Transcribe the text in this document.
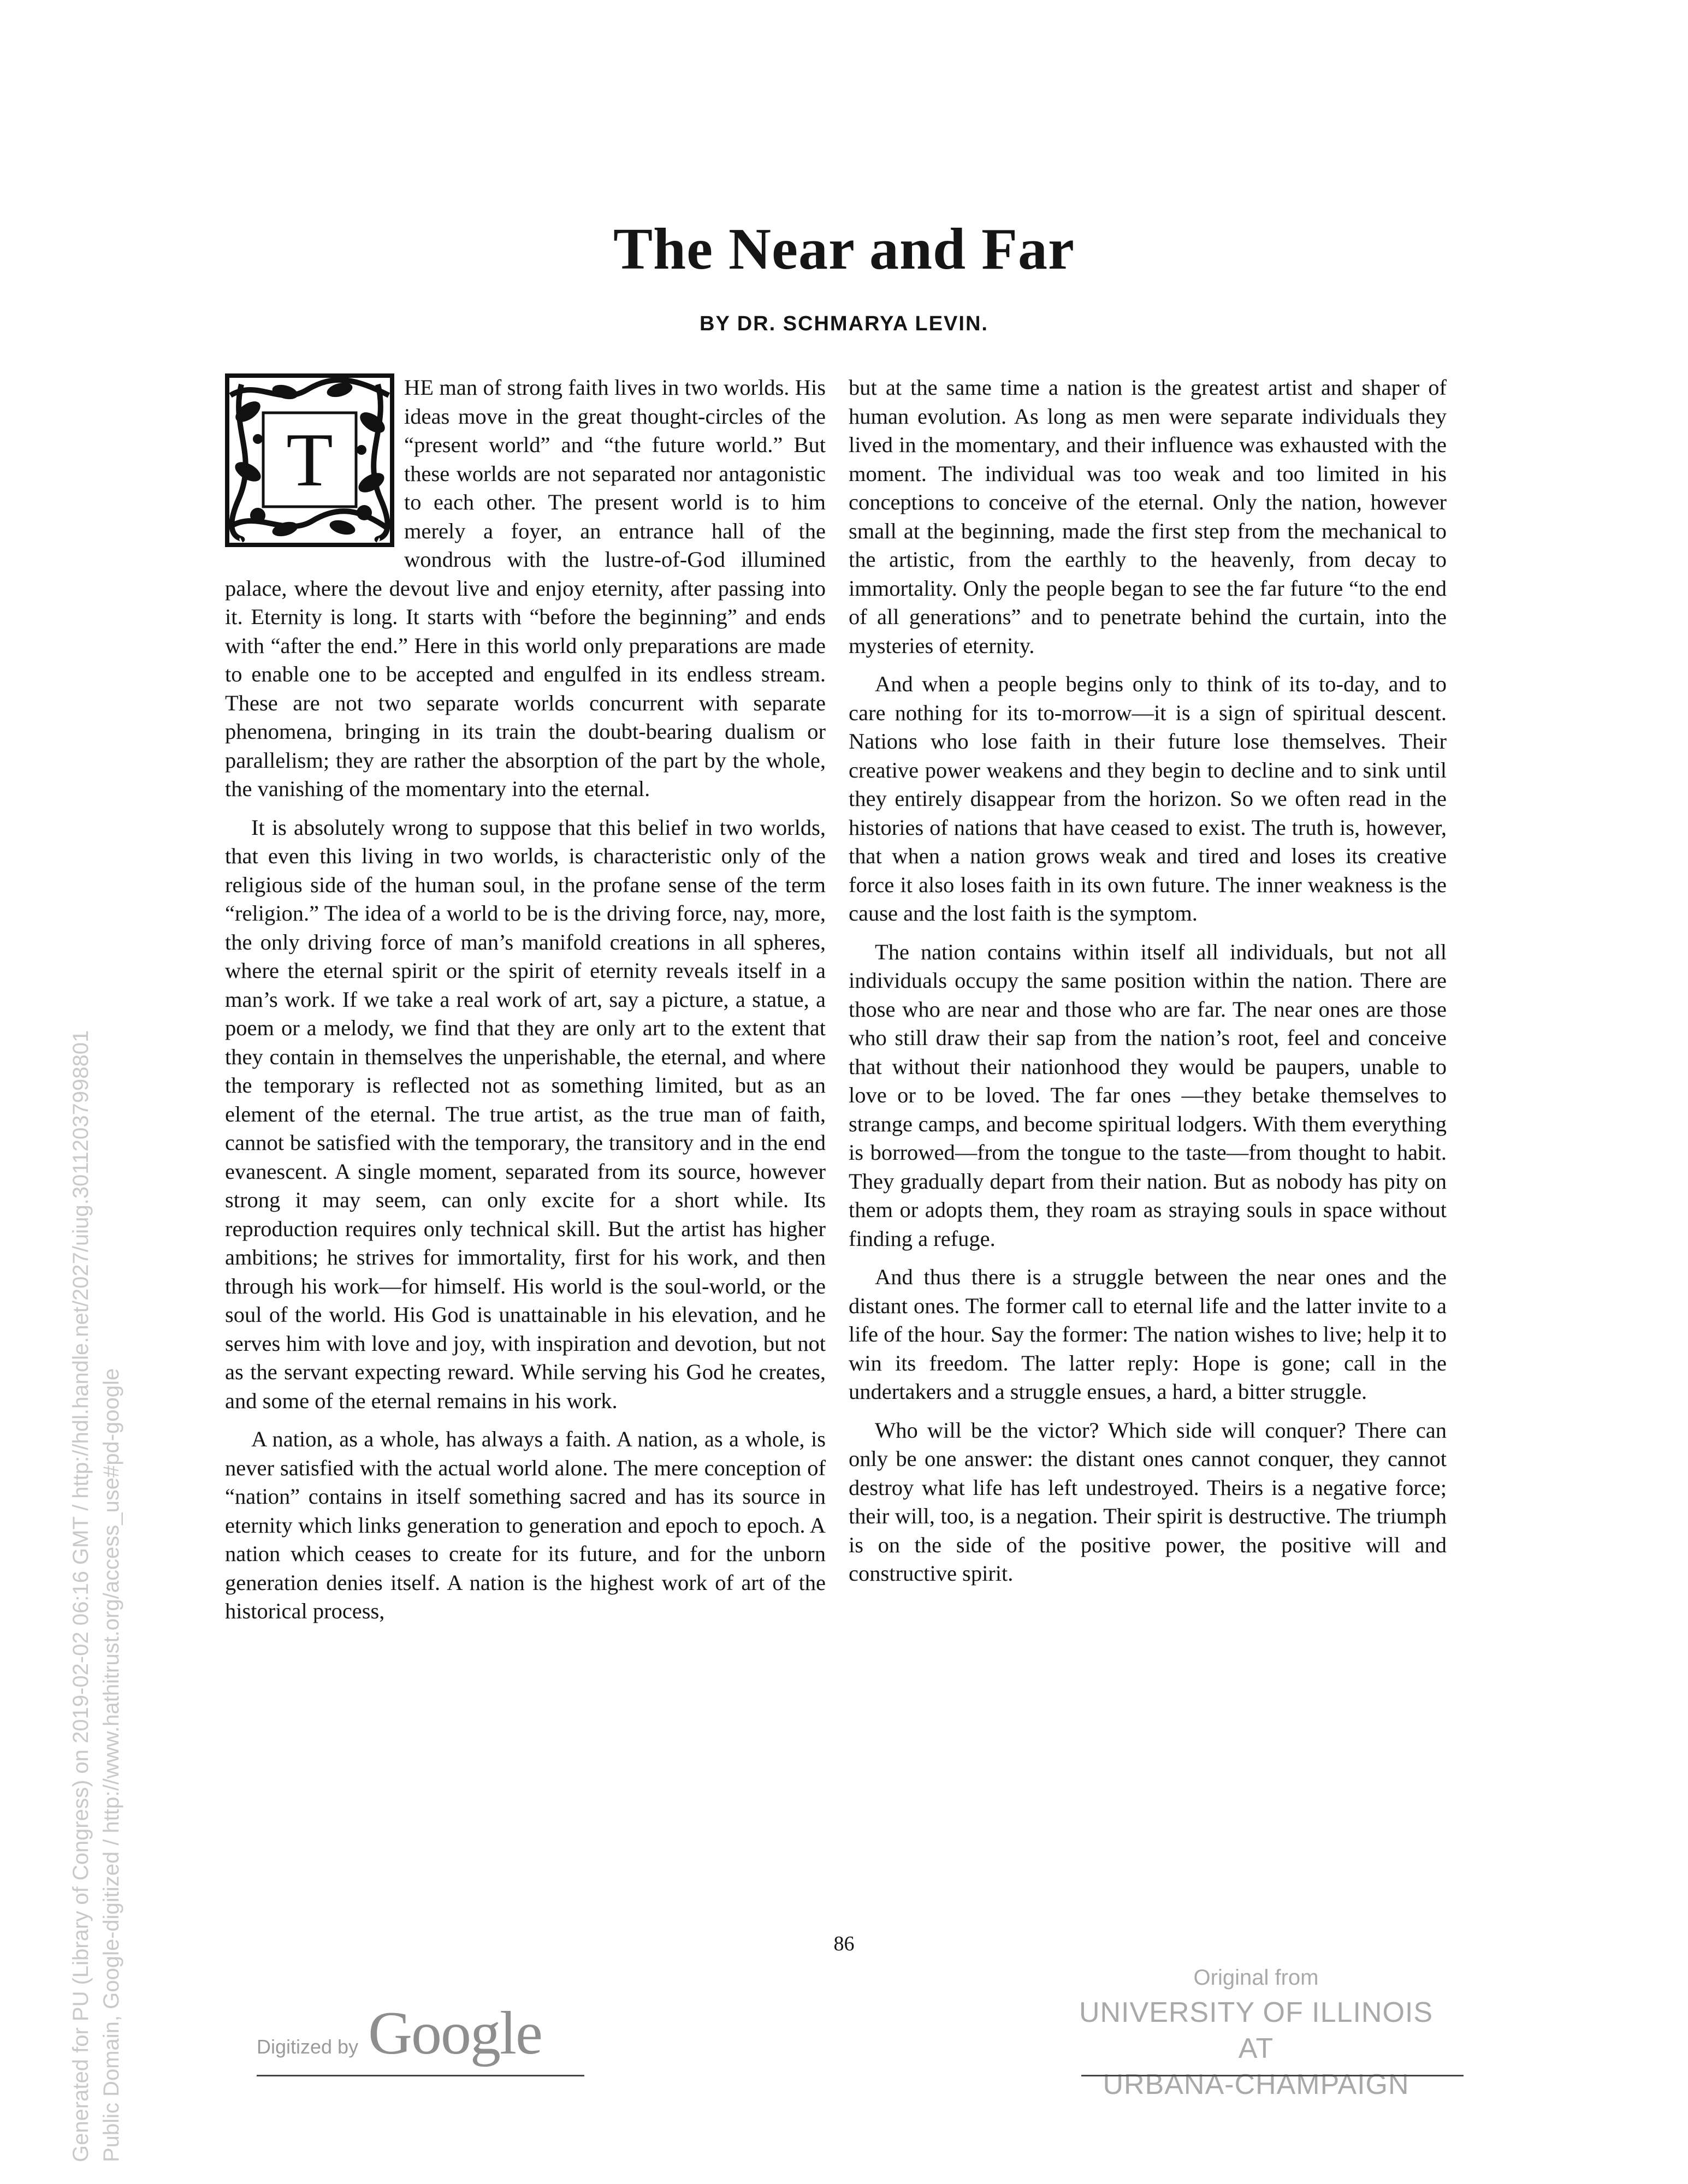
The Near and Far
BY DR. SCHMARYA LEVIN.

T
HE man of strong faith lives in two worlds. His ideas move in the great thought-circles of the “present world” and “the future world.” But these worlds are not separated nor antagonistic to each other. The present world is to him merely a foyer, an entrance hall of the wondrous with the lustre-of-God illumined palace, where the devout live and enjoy eternity, after passing into it. Eternity is long. It starts with “before the beginning” and ends with “after the end.” Here in this world only preparations are made to enable one to be accepted and engulfed in its endless stream. These are not two separate worlds concurrent with separate phenomena, bringing in its train the doubt-bearing dualism or parallelism; they are rather the absorption of the part by the whole, the vanishing of the momentary into the eternal.

It is absolutely wrong to suppose that this belief in two worlds, that even this living in two worlds, is characteristic only of the religious side of the human soul, in the profane sense of the term “religion.” The idea of a world to be is the driving force, nay, more, the only driving force of man’s manifold creations in all spheres, where the eternal spirit or the spirit of eternity reveals itself in a man’s work. If we take a real work of art, say a picture, a statue, a poem or a melody, we find that they are only art to the extent that they contain in themselves the unperishable, the eternal, and where the temporary is reflected not as something limited, but as an element of the eternal. The true artist, as the true man of faith, cannot be satisfied with the temporary, the transitory and in the end evanescent. A single moment, separated from its source, however strong it may seem, can only excite for a short while. Its reproduction requires only technical skill. But the artist has higher ambitions; he strives for immortality, first for his work, and then through his work—for himself. His world is the soul-world, or the soul of the world. His God is unattainable in his elevation, and he serves him with love and joy, with inspiration and devotion, but not as the servant expecting reward. While serving his God he creates, and some of the eternal remains in his work.

A nation, as a whole, has always a faith. A nation, as a whole, is never satisfied with the actual world alone. The mere conception of “nation” contains in itself something sacred and has its source in eternity which links generation to generation and epoch to epoch. A nation which ceases to create for its future, and for the unborn generation denies itself. A nation is the highest work of art of the historical process,

but at the same time a nation is the greatest artist and shaper of human evolution. As long as men were separate individuals they lived in the momentary, and their influence was exhausted with the moment. The individual was too weak and too limited in his conceptions to conceive of the eternal. Only the nation, however small at the beginning, made the first step from the mechanical to the artistic, from the earthly to the heavenly, from decay to immortality. Only the people began to see the far future “to the end of all generations” and to penetrate behind the curtain, into the mysteries of eternity.

And when a people begins only to think of its to-day, and to care nothing for its to-morrow—it is a sign of spiritual descent. Nations who lose faith in their future lose themselves. Their creative power weakens and they begin to decline and to sink until they entirely disappear from the horizon. So we often read in the histories of nations that have ceased to exist. The truth is, however, that when a nation grows weak and tired and loses its creative force it also loses faith in its own future. The inner weakness is the cause and the lost faith is the symptom.

The nation contains within itself all individuals, but not all individuals occupy the same position within the nation. There are those who are near and those who are far. The near ones are those who still draw their sap from the nation’s root, feel and conceive that without their nationhood they would be paupers, unable to love or to be loved. The far ones —they betake themselves to strange camps, and become spiritual lodgers. With them everything is borrowed—from the tongue to the taste—from thought to habit. They gradually depart from their nation. But as nobody has pity on them or adopts them, they roam as straying souls in space without finding a refuge.

And thus there is a struggle between the near ones and the distant ones. The former call to eternal life and the latter invite to a life of the hour. Say the former: The nation wishes to live; help it to win its freedom. The latter reply: Hope is gone; call in the undertakers and a struggle ensues, a hard, a bitter struggle.

Who will be the victor? Which side will conquer? There can only be one answer: the distant ones cannot conquer, they cannot destroy what life has left undestroyed. Theirs is a negative force; their will, too, is a negation. Their spirit is destructive. The triumph is on the side of the positive power, the positive will and constructive spirit.

86
Digitized by Google
Original from
UNIVERSITY OF ILLINOIS AT
URBANA-CHAMPAIGN
Generated for PU (Library of Congress) on 2019-02-02 06:16 GMT / http://hdl.handle.net/2027/uiug.30112037998801 Public Domain, Google-digitized / http://www.hathitrust.org/access_use#pd-google
